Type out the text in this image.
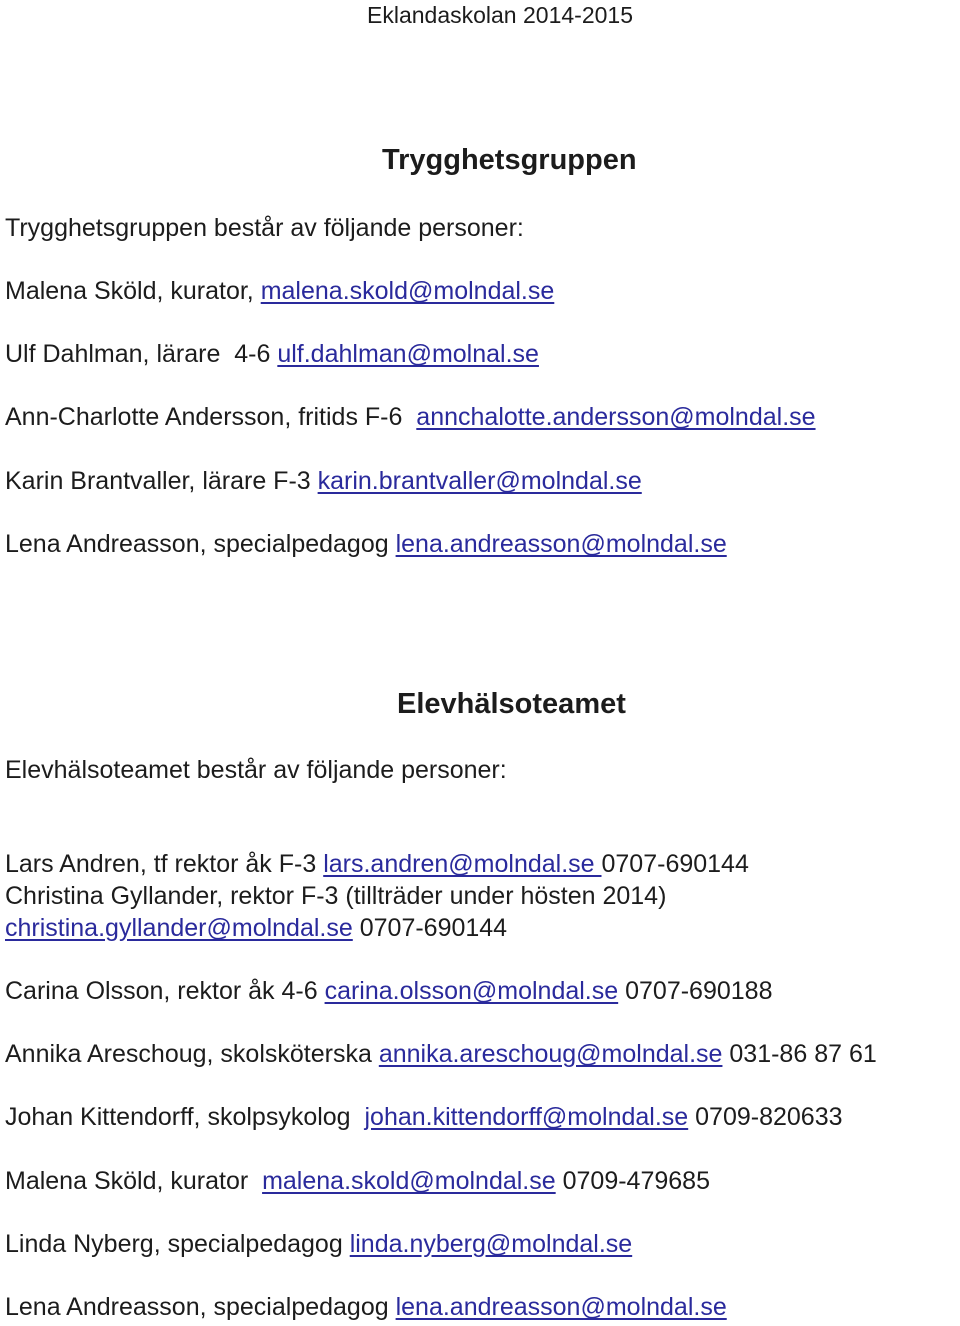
Eklandaskolan 2014-2015
Trygghetsgruppen
Trygghetsgruppen består av följande personer:
Malena Sköld, kurator, malena.skold@molndal.se
Ulf Dahlman, lärare  4-6 ulf.dahlman@molnal.se
Ann-Charlotte Andersson, fritids F-6  annchalotte.andersson@molndal.se
Karin Brantvaller, lärare F-3 karin.brantvaller@molndal.se
Lena Andreasson, specialpedagog lena.andreasson@molndal.se
Elevhälsoteamet
Elevhälsoteamet består av följande personer:
Lars Andren, tf rektor åk F-3 lars.andren@molndal.se 0707-690144
Christina Gyllander, rektor F-3 (tillträder under hösten 2014)
christina.gyllander@molndal.se 0707-690144
Carina Olsson, rektor åk 4-6 carina.olsson@molndal.se 0707-690188
Annika Areschoug, skolsköterska annika.areschoug@molndal.se 031-86 87 61
Johan Kittendorff, skolpsykolog  johan.kittendorff@molndal.se 0709-820633
Malena Sköld, kurator  malena.skold@molndal.se 0709-479685
Linda Nyberg, specialpedagog linda.nyberg@molndal.se
Lena Andreasson, specialpedagog lena.andreasson@molndal.se
